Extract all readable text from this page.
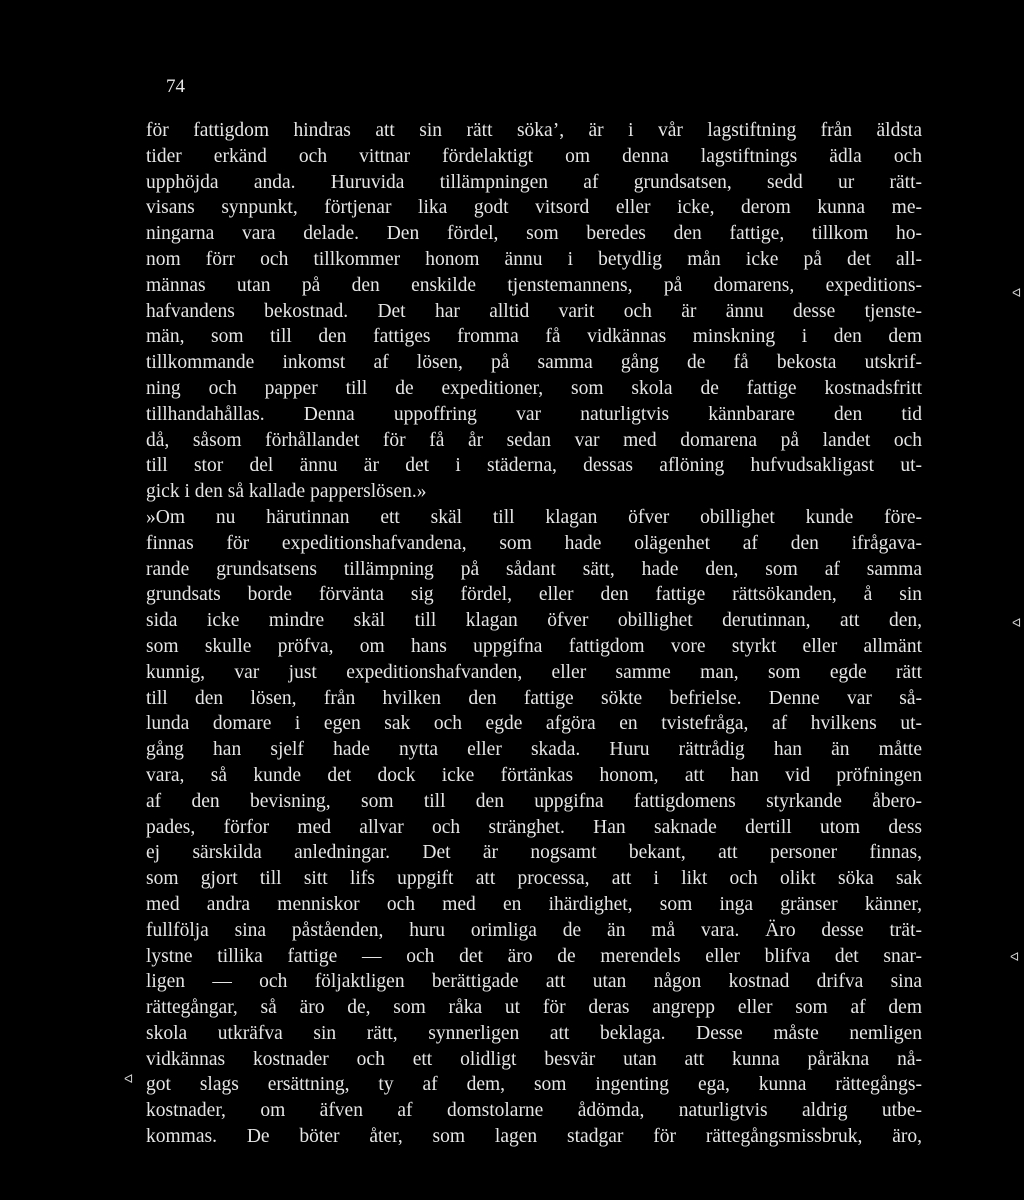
74
för fattigdom hindras att sin rätt söka’, är i vår lagstiftning från äldsta
tider erkänd och vittnar fördelaktigt om denna lagstiftnings ädla och
upphöjda anda. Huruvida tillämpningen af grundsatsen, sedd ur rätt-
visans synpunkt, förtjenar lika godt vitsord eller icke, derom kunna me-
ningarna vara delade. Den fördel, som beredes den fattige, tillkom ho-
nom förr och tillkommer honom ännu i betydlig mån icke på det all-
männas utan på den enskilde tjenstemannens, på domarens, expeditions-
hafvandens bekostnad. Det har alltid varit och är ännu desse tjenste-
män, som till den fattiges fromma få vidkännas minskning i den dem
tillkommande inkomst af lösen, på samma gång de få bekosta utskrif-
ning och papper till de expeditioner, som skola de fattige kostnadsfritt
tillhandahållas. Denna uppoffring var naturligtvis kännbarare den tid
då, såsom förhållandet för få år sedan var med domarena på landet och
till stor del ännu är det i städerna, dessas aflöning hufvudsakligast ut-
gick i den så kallade papperslösen.»
»Om nu härutinnan ett skäl till klagan öfver obillighet kunde före-
finnas för expeditionshafvandena, som hade olägenhet af den ifrågava-
rande grundsatsens tillämpning på sådant sätt, hade den, som af samma
grundsats borde förvänta sig fördel, eller den fattige rättsökanden, å sin
sida icke mindre skäl till klagan öfver obillighet derutinnan, att den,
som skulle pröfva, om hans uppgifna fattigdom vore styrkt eller allmänt
kunnig, var just expeditionshafvanden, eller samme man, som egde rätt
till den lösen, från hvilken den fattige sökte befrielse. Denne var så-
lunda domare i egen sak och egde afgöra en tvistefråga, af hvilkens ut-
gång han sjelf hade nytta eller skada. Huru rättrådig han än måtte
vara, så kunde det dock icke förtänkas honom, att han vid pröfningen
af den bevisning, som till den uppgifna fattigdomens styrkande åbero-
pades, förfor med allvar och stränghet. Han saknade dertill utom dess
ej särskilda anledningar. Det är nogsamt bekant, att personer finnas,
som gjort till sitt lifs uppgift att processa, att i likt och olikt söka sak
med andra menniskor och med en ihärdighet, som inga gränser känner,
fullfölja sina påståenden, huru orimliga de än må vara. Äro desse trät-
lystne tillika fattige — och det äro de merendels eller blifva det snar-
ligen — och följaktligen berättigade att utan någon kostnad drifva sina
rättegångar, så äro de, som råka ut för deras angrepp eller som af dem
skola utkräfva sin rätt, synnerligen att beklaga. Desse måste nemligen
vidkännas kostnader och ett olidligt besvär utan att kunna påräkna nå-
got slags ersättning, ty af dem, som ingenting ega, kunna rättegångs-
kostnader, om äfven af domstolarne ådömda, naturligtvis aldrig utbe-
kommas. De böter åter, som lagen stadgar för rättegångsmissbruk, äro,
ᐊ
ᐊ
ᐊ
ᐊ
